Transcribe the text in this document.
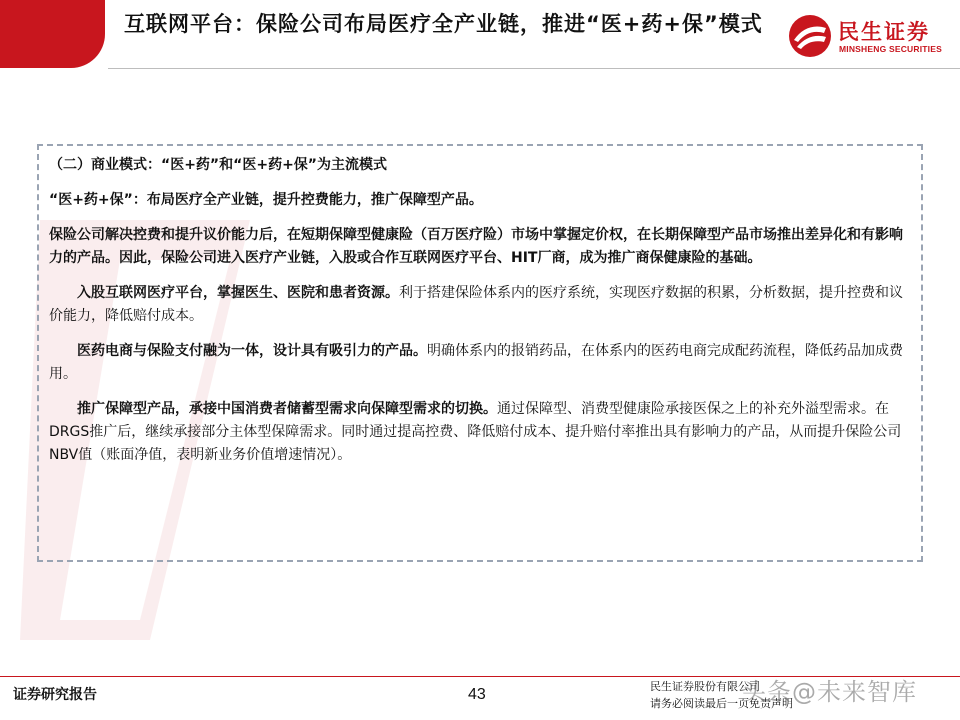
互联网平台：保险公司布局医疗全产业链，推进“医+药+保”模式	民生证券
MINSHENG SECURITIES

（二）商业模式：“医+药”和“医+药+保”为主流模式

“医+药+保”：布局医疗全产业链，提升控费能力，推广保障型产品。

保险公司解决控费和提升议价能力后，在短期保障型健康险（百万医疗险）市场中掌握定价权，在长期保障型产品市场推出差异化和有影响力的产品。因此，保险公司进入医疗产业链，入股或合作互联网医疗平台、HIT厂商，成为推广商保健康险的基础。

入股互联网医疗平台，掌握医生、医院和患者资源。利于搭建保险体系内的医疗系统，实现医疗数据的积累，分析数据，提升控费和议价能力，降低赔付成本。

医药电商与保险支付融为一体，设计具有吸引力的产品。明确体系内的报销药品，在体系内的医药电商完成配药流程，降低药品加成费用。

推广保障型产品，承接中国消费者储蓄型需求向保障型需求的切换。通过保障型、消费型健康险承接医保之上的补充外溢型需求。在DRGS推广后，继续承接部分主体型保障需求。同时通过提高控费、降低赔付成本、提升赔付率推出具有影响力的产品，从而提升保险公司NBV值（账面净值，表明新业务价值增速情况）。

证券研究报告	43	民生证券股份有限公司
请务必阅读最后一页免责声明
头条@未来智库
